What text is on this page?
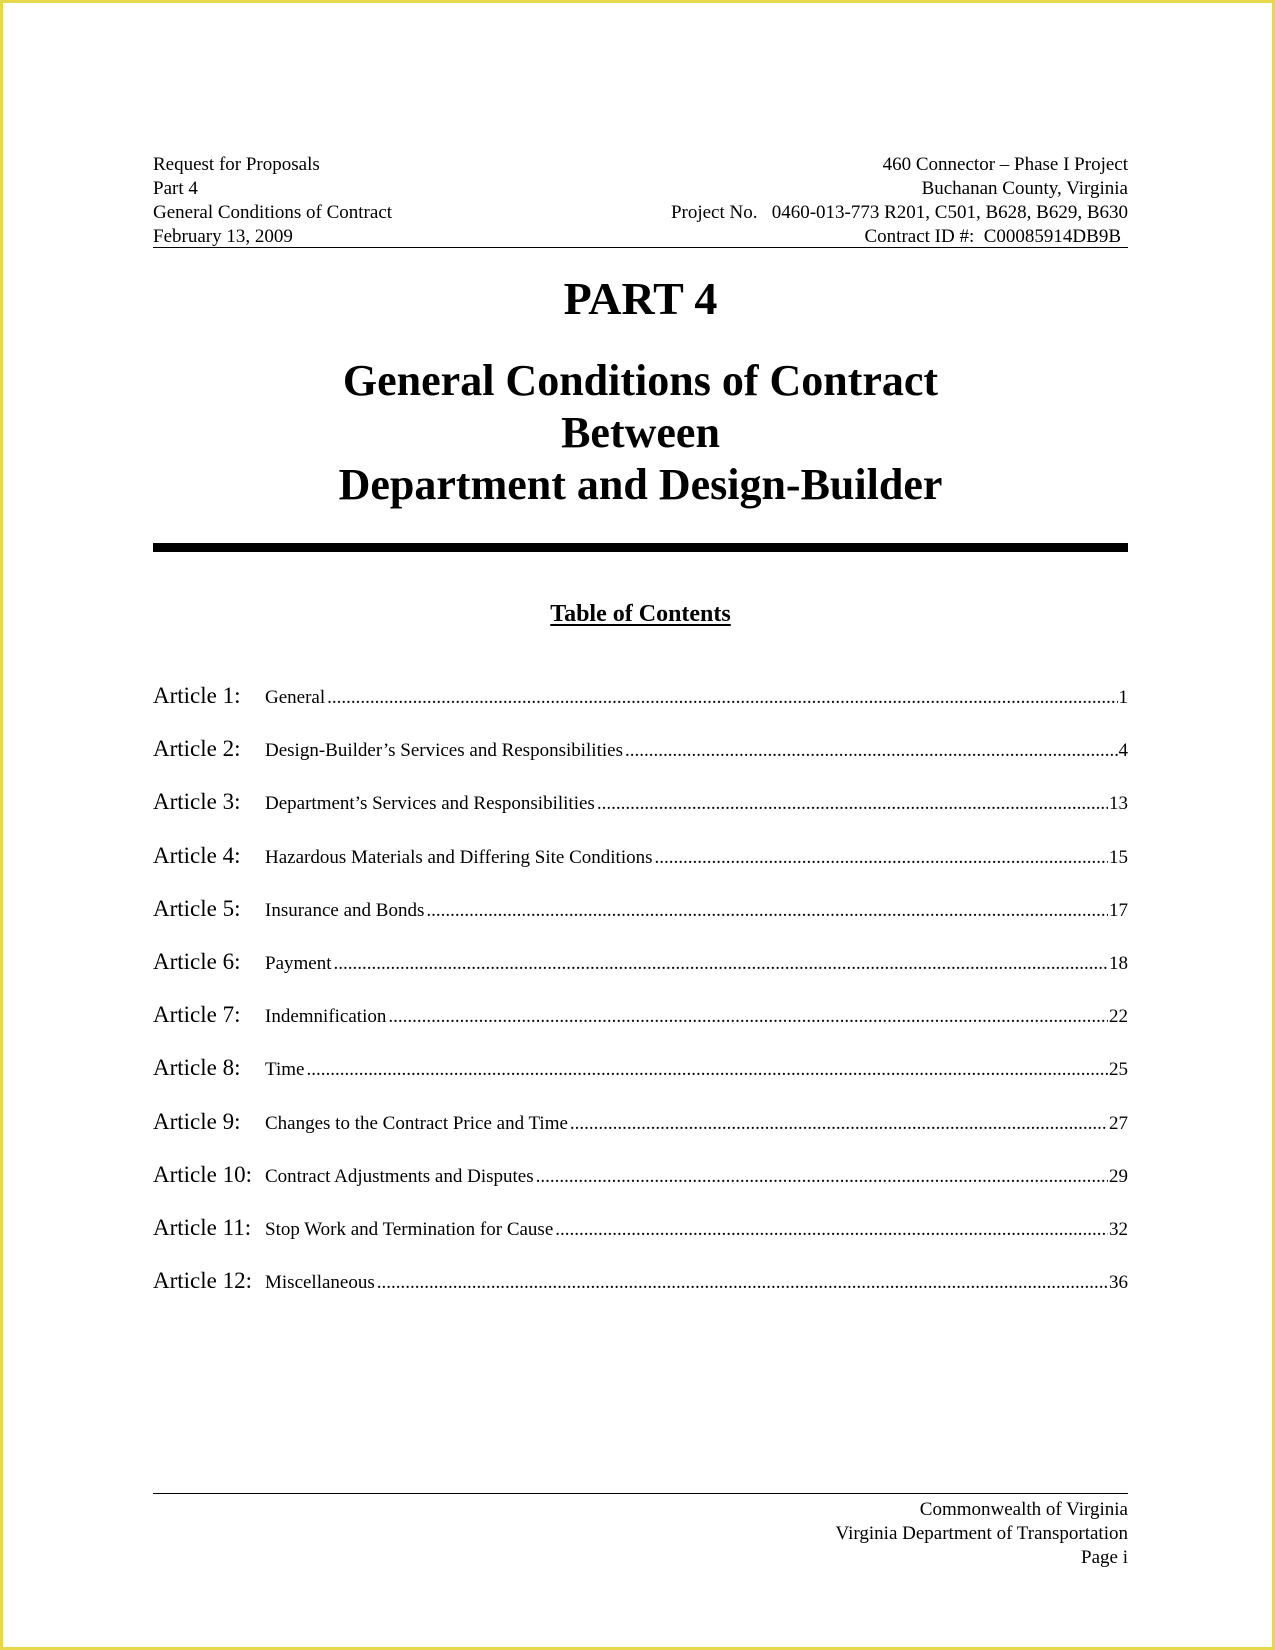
Request for Proposals
Part 4
General Conditions of Contract
February 13, 2009
460 Connector – Phase I Project
Buchanan County, Virginia
Project No.   0460-013-773 R201, C501, B628, B629, B630
Contract ID #:  C00085914DB9B
PART 4
General Conditions of Contract
Between
Department and Design-Builder
Table of Contents
Article 1:	General .....	1
Article 2:	Design-Builder’s Services and Responsibilities .....	4
Article 3:	Department’s Services and Responsibilities .....	13
Article 4:	Hazardous Materials and Differing Site Conditions .....	15
Article 5:	Insurance and Bonds .....	17
Article 6:	Payment .....	18
Article 7:	Indemnification .....	22
Article 8:	Time .....	25
Article 9:	Changes to the Contract Price and Time .....	27
Article 10: Contract Adjustments and Disputes .....	29
Article 11: Stop Work and Termination for Cause .....	32
Article 12: Miscellaneous .....	36
Commonwealth of Virginia
Virginia Department of Transportation
Page i
